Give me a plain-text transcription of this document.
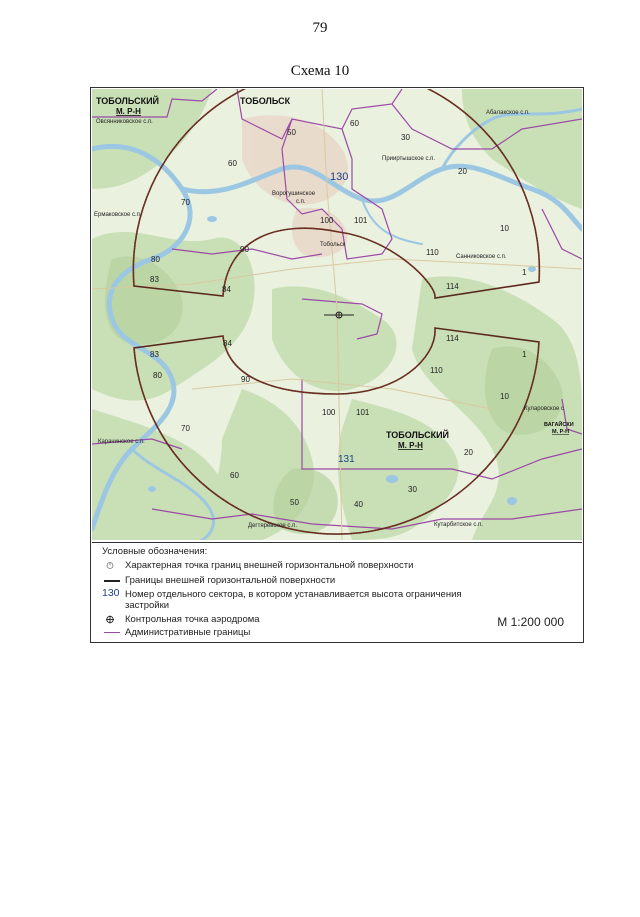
79
Схема 10
ТОБОЛЬСКИЙ
М. Р-Н
ТОБОЛЬСК
ТОБОЛЬСКИЙ
М. Р-Н
ВАГАЙСКИ
М. Р-Н
Овсянниковское с.п.
Абалакское с.п.
Прииртышское с.п.
Ворогушинское
с.п.
Ермаковское с.п.
Тобольск
Санниковское с.п.
Карачинское с.п.
Куларовское с
Дегтяревское с.п.	Кутарбитское с.п.
60
50
30
20
70
10
80
83
84
90
100	101
110
114
1
83
80
84
90
100	101
110
114
1
10
70
20
60
30
50	40
60
130
131
Условные обозначения:
Характерная точка границ внешней горизонтальной поверхности
Границы внешней горизонтальной поверхности
130 Номер отдельного сектора, в котором устанавливается высота ограничения застройки
Контрольная точка аэродрома
Административные границы
М 1:200 000
